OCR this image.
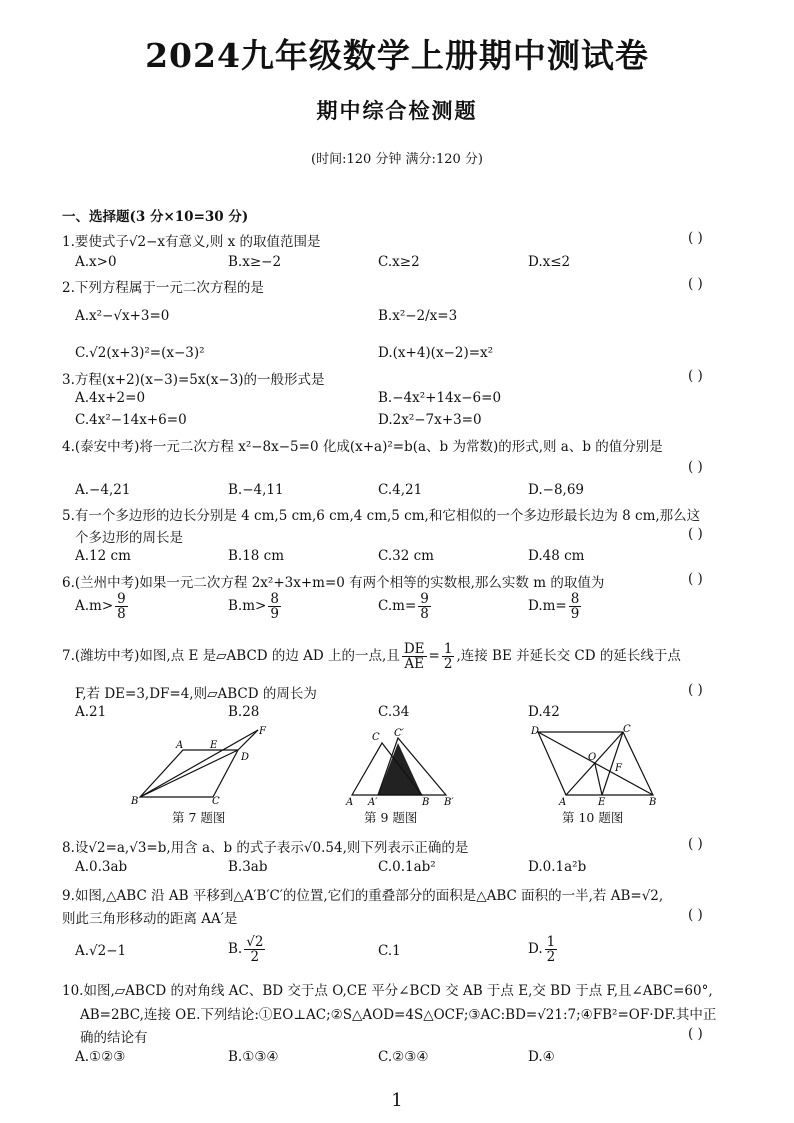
2024九年级数学上册期中测试卷
期中综合检测题
(时间:120 分钟 满分:120 分)
一、选择题(3 分×10=30 分)
1.要使式子√2−x有意义,则 x 的取值范围是	( )
A.x>0	B.x≥−2	C.x≥2	D.x≤2
2.下列方程属于一元二次方程的是	( )
A.x²−√x+3=0	B.x²−2/x=3
C.√2(x+3)²=(x−3)²	D.(x+4)(x−2)=x²
3.方程(x+2)(x−3)=5x(x−3)的一般形式是	( )
A.4x+2=0	B.−4x²+14x−6=0
C.4x²−14x+6=0	D.2x²−7x+3=0
4.(泰安中考)将一元二次方程 x²−8x−5=0 化成(x+a)²=b(a、b 为常数)的形式,则 a、b 的值分别是
( )
A.−4,21	B.−4,11	C.4,21	D.−8,69
5.有一个多边形的边长分别是 4 cm,5 cm,6 cm,4 cm,5 cm,和它相似的一个多边形最长边为 8 cm,那么这
个多边形的周长是	( )
A.12 cm	B.18 cm	C.32 cm	D.48 cm
6.(兰州中考)如果一元二次方程 2x²+3x+m=0 有两个相等的实数根,那么实数 m 的取值为	( )
$A.m> \frac{9}{8}$	$B.m> \frac{8}{9}$	$C.m= \frac{9}{8}$	$D.m= \frac{8}{9}$
7.(潍坊中考)如图,点 E 是▱ABCD 的边 AD 上的一点,且 $\frac{DE}{AE} = \frac{1}{2}$ ,连接 BE 并延长交 CD 的延长线于点
F,若 DE=3,DF=4,则▱ABCD 的周长为	( )
A.21	B.28	C.34	D.42
A	E
D
F
B	C
第 7 题图
C C′
A A′	B B′
第 9 题图
D	C
O
F
A	E	B
第 10 题图
8.设√2=a,√3=b,用含 a、b 的式子表示√0.54,则下列表示正确的是	( )
A.0.3ab	B.3ab	C.0.1ab²	D.0.1a²b
9.如图,△ABC 沿 AB 平移到△A′B′C′的位置,它们的重叠部分的面积是△ABC 面积的一半,若 AB=√2,
则此三角形移动的距离 AA′是	( )
A.√2−1	B. $\frac{√2}{2}$	C.1	D. $\frac{1}{2}$
10.如图,▱ABCD 的对角线 AC、BD 交于点 O,CE 平分∠BCD 交 AB 于点 E,交 BD 于点 F,且∠ABC=60°,
AB=2BC,连接 OE.下列结论:①EO⊥AC;②S△AOD=4S△OCF;③AC:BD=√21:7;④FB²=OF·DF.其中正
确的结论有	( )
A.①②③	B.①③④	C.②③④	D.④
1
